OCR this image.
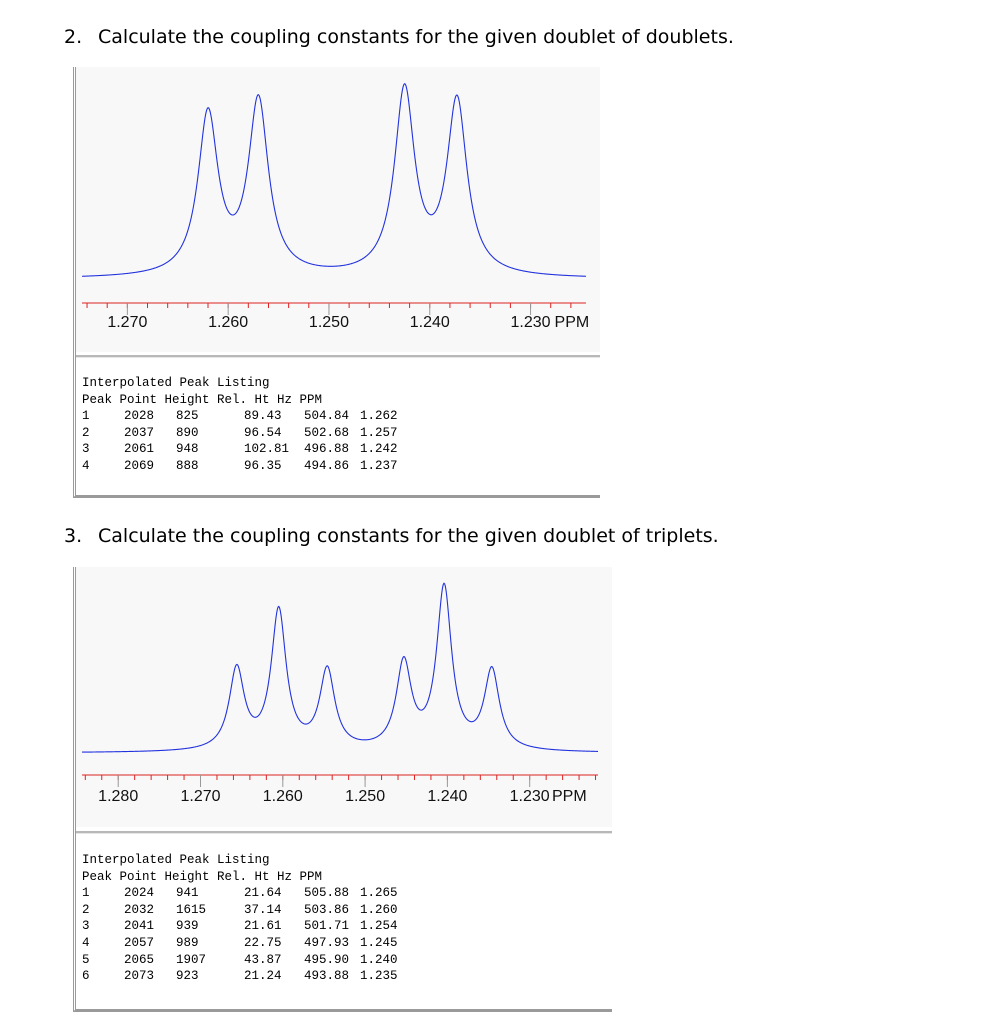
2. Calculate the coupling constants for the given doublet of doublets.
1.270	1.260	1.250	1.240	1.230 PPM
Interpolated Peak Listing
Peak Point Height Rel. Ht Hz PPM
1	2028 825	89.43 504.84 1.262
2	2037 890	96.54 502.68 1.257
3	2061 948	102.81 496.88 1.242
4	2069 888	96.35 494.86 1.237
3. Calculate the coupling constants for the given doublet of triplets.
1.280	1.270	1.260	1.250	1.240	1.230 PPM
Interpolated Peak Listing
Peak Point Height Rel. Ht Hz PPM
1	2024 941	21.64 505.88 1.265
2	2032 1615	37.14 503.86 1.260
3	2041 939	21.61 501.71 1.254
4	2057 989	22.75 497.93 1.245
5	2065 1907	43.87 495.90 1.240
6	2073 923	21.24 493.88 1.235
